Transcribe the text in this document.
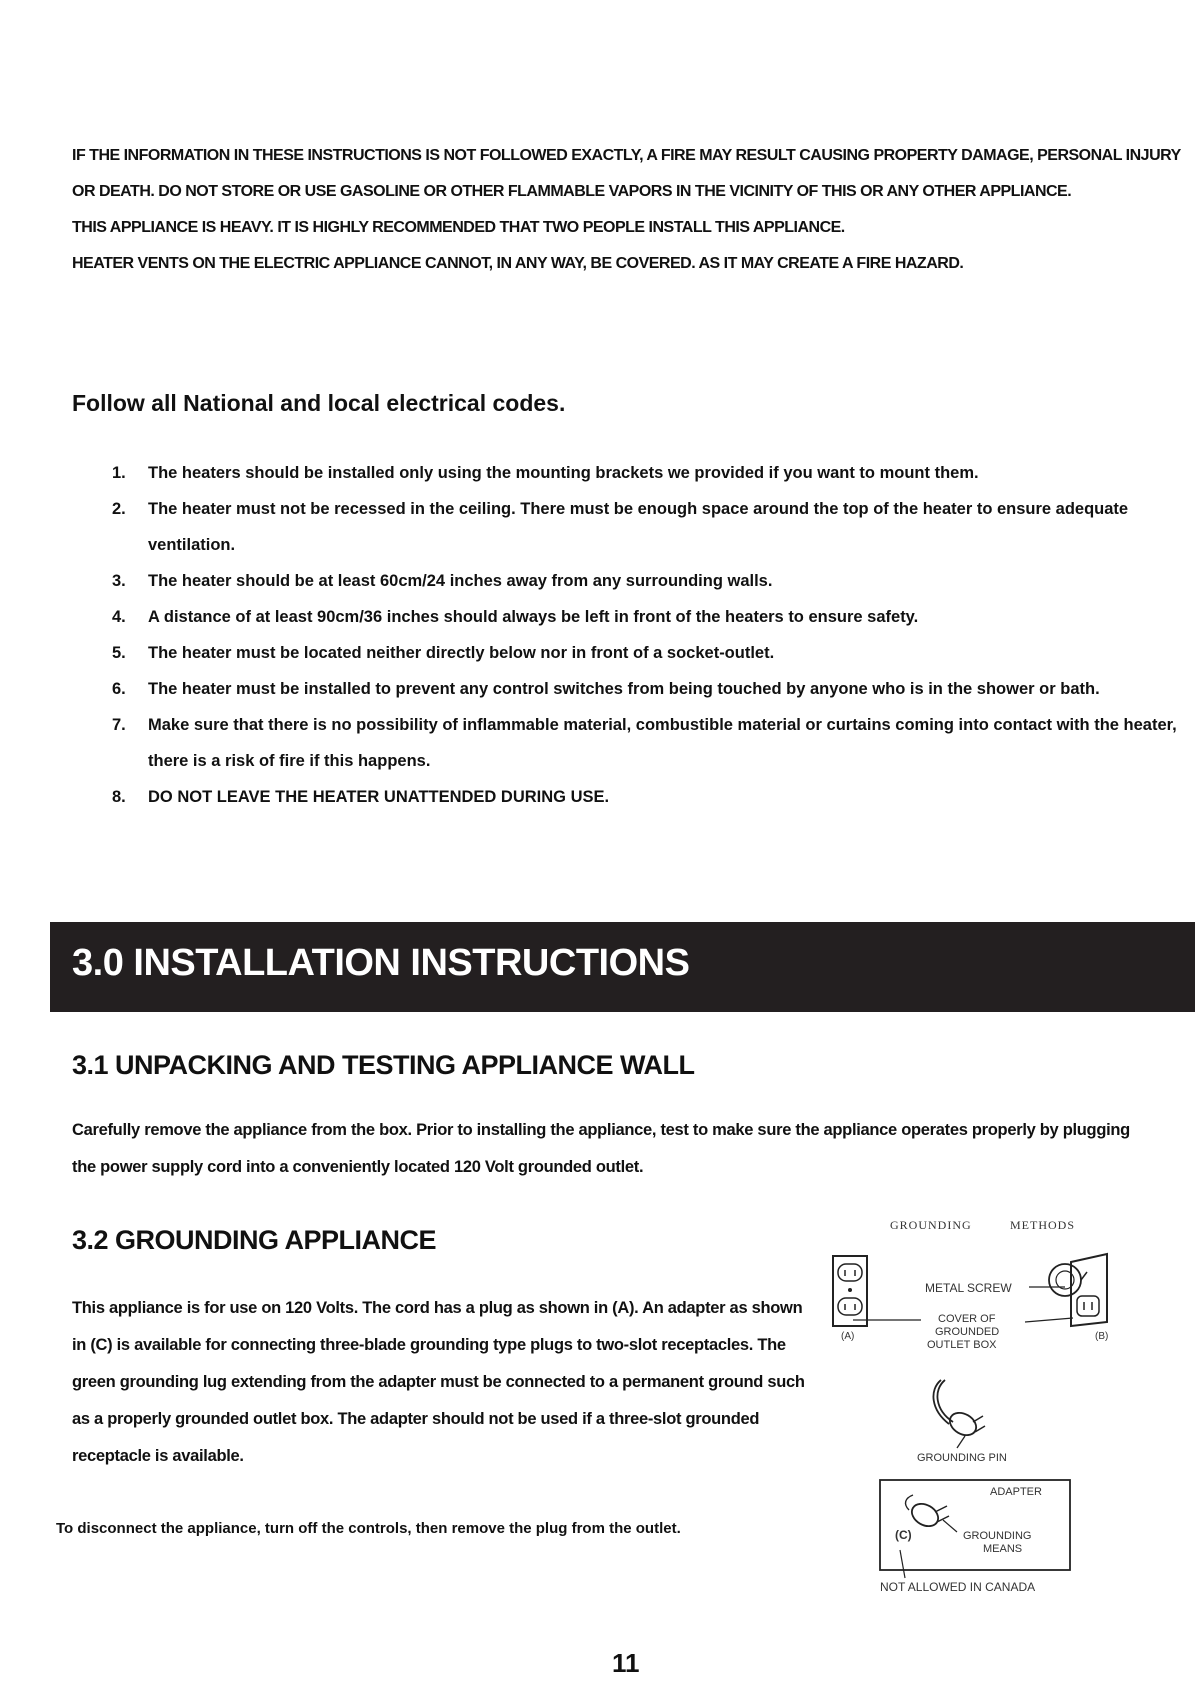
IF THE INFORMATION IN THESE INSTRUCTIONS IS NOT FOLLOWED EXACTLY, A FIRE MAY RESULT CAUSING PROPERTY DAMAGE, PERSONAL INJURY OR DEATH. DO NOT STORE OR USE GASOLINE OR OTHER FLAMMABLE VAPORS IN THE VICINITY OF THIS OR ANY OTHER APPLIANCE.

THIS APPLIANCE IS HEAVY. IT IS HIGHLY RECOMMENDED THAT TWO PEOPLE INSTALL THIS APPLIANCE.

HEATER VENTS ON THE ELECTRIC APPLIANCE CANNOT, IN ANY WAY, BE COVERED. AS IT MAY CREATE A FIRE HAZARD.

Follow all National and local electrical codes.
1. The heaters should be installed only using the mounting brackets we provided if you want to mount them.
2. The heater must not be recessed in the ceiling. There must be enough space around the top of the heater to ensure adequate ventilation.
3. The heater should be at least 60cm/24 inches away from any surrounding walls.
4. A distance of at least 90cm/36 inches should always be left in front of the heaters to ensure safety.
5. The heater must be located neither directly below nor in front of a socket-outlet.
6. The heater must be installed to prevent any control switches from being touched by anyone who is in the shower or bath.
7. Make sure that there is no possibility of inflammable material, combustible material or curtains coming into contact with the heater, there is a risk of fire if this happens.
8. DO NOT LEAVE THE HEATER UNATTENDED DURING USE.
3.0 INSTALLATION INSTRUCTIONS
3.1 UNPACKING AND TESTING APPLIANCE WALL

Carefully remove the appliance from the box. Prior to installing the appliance, test to make sure the appliance operates properly by plugging the power supply cord into a conveniently located 120 Volt grounded outlet.

3.2 GROUNDING APPLIANCE

This appliance is for use on 120 Volts. The cord has a plug as shown in (A). An adapter as shown in (C) is available for connecting three-blade grounding type plugs to two-slot receptacles. The green grounding lug extending from the adapter must be connected to a permanent ground such as a properly grounded outlet box. The adapter should not be used if a three-slot grounded receptacle is available.

To disconnect the appliance, turn off the controls, then remove the plug from the outlet.

GROUNDING	METHODS
METAL SCREW
COVER OF
GROUNDED
OUTLET BOX
(A)	(B)
GROUNDING PIN
ADAPTER
(C)	GROUNDING
MEANS
NOT ALLOWED IN CANADA
11
